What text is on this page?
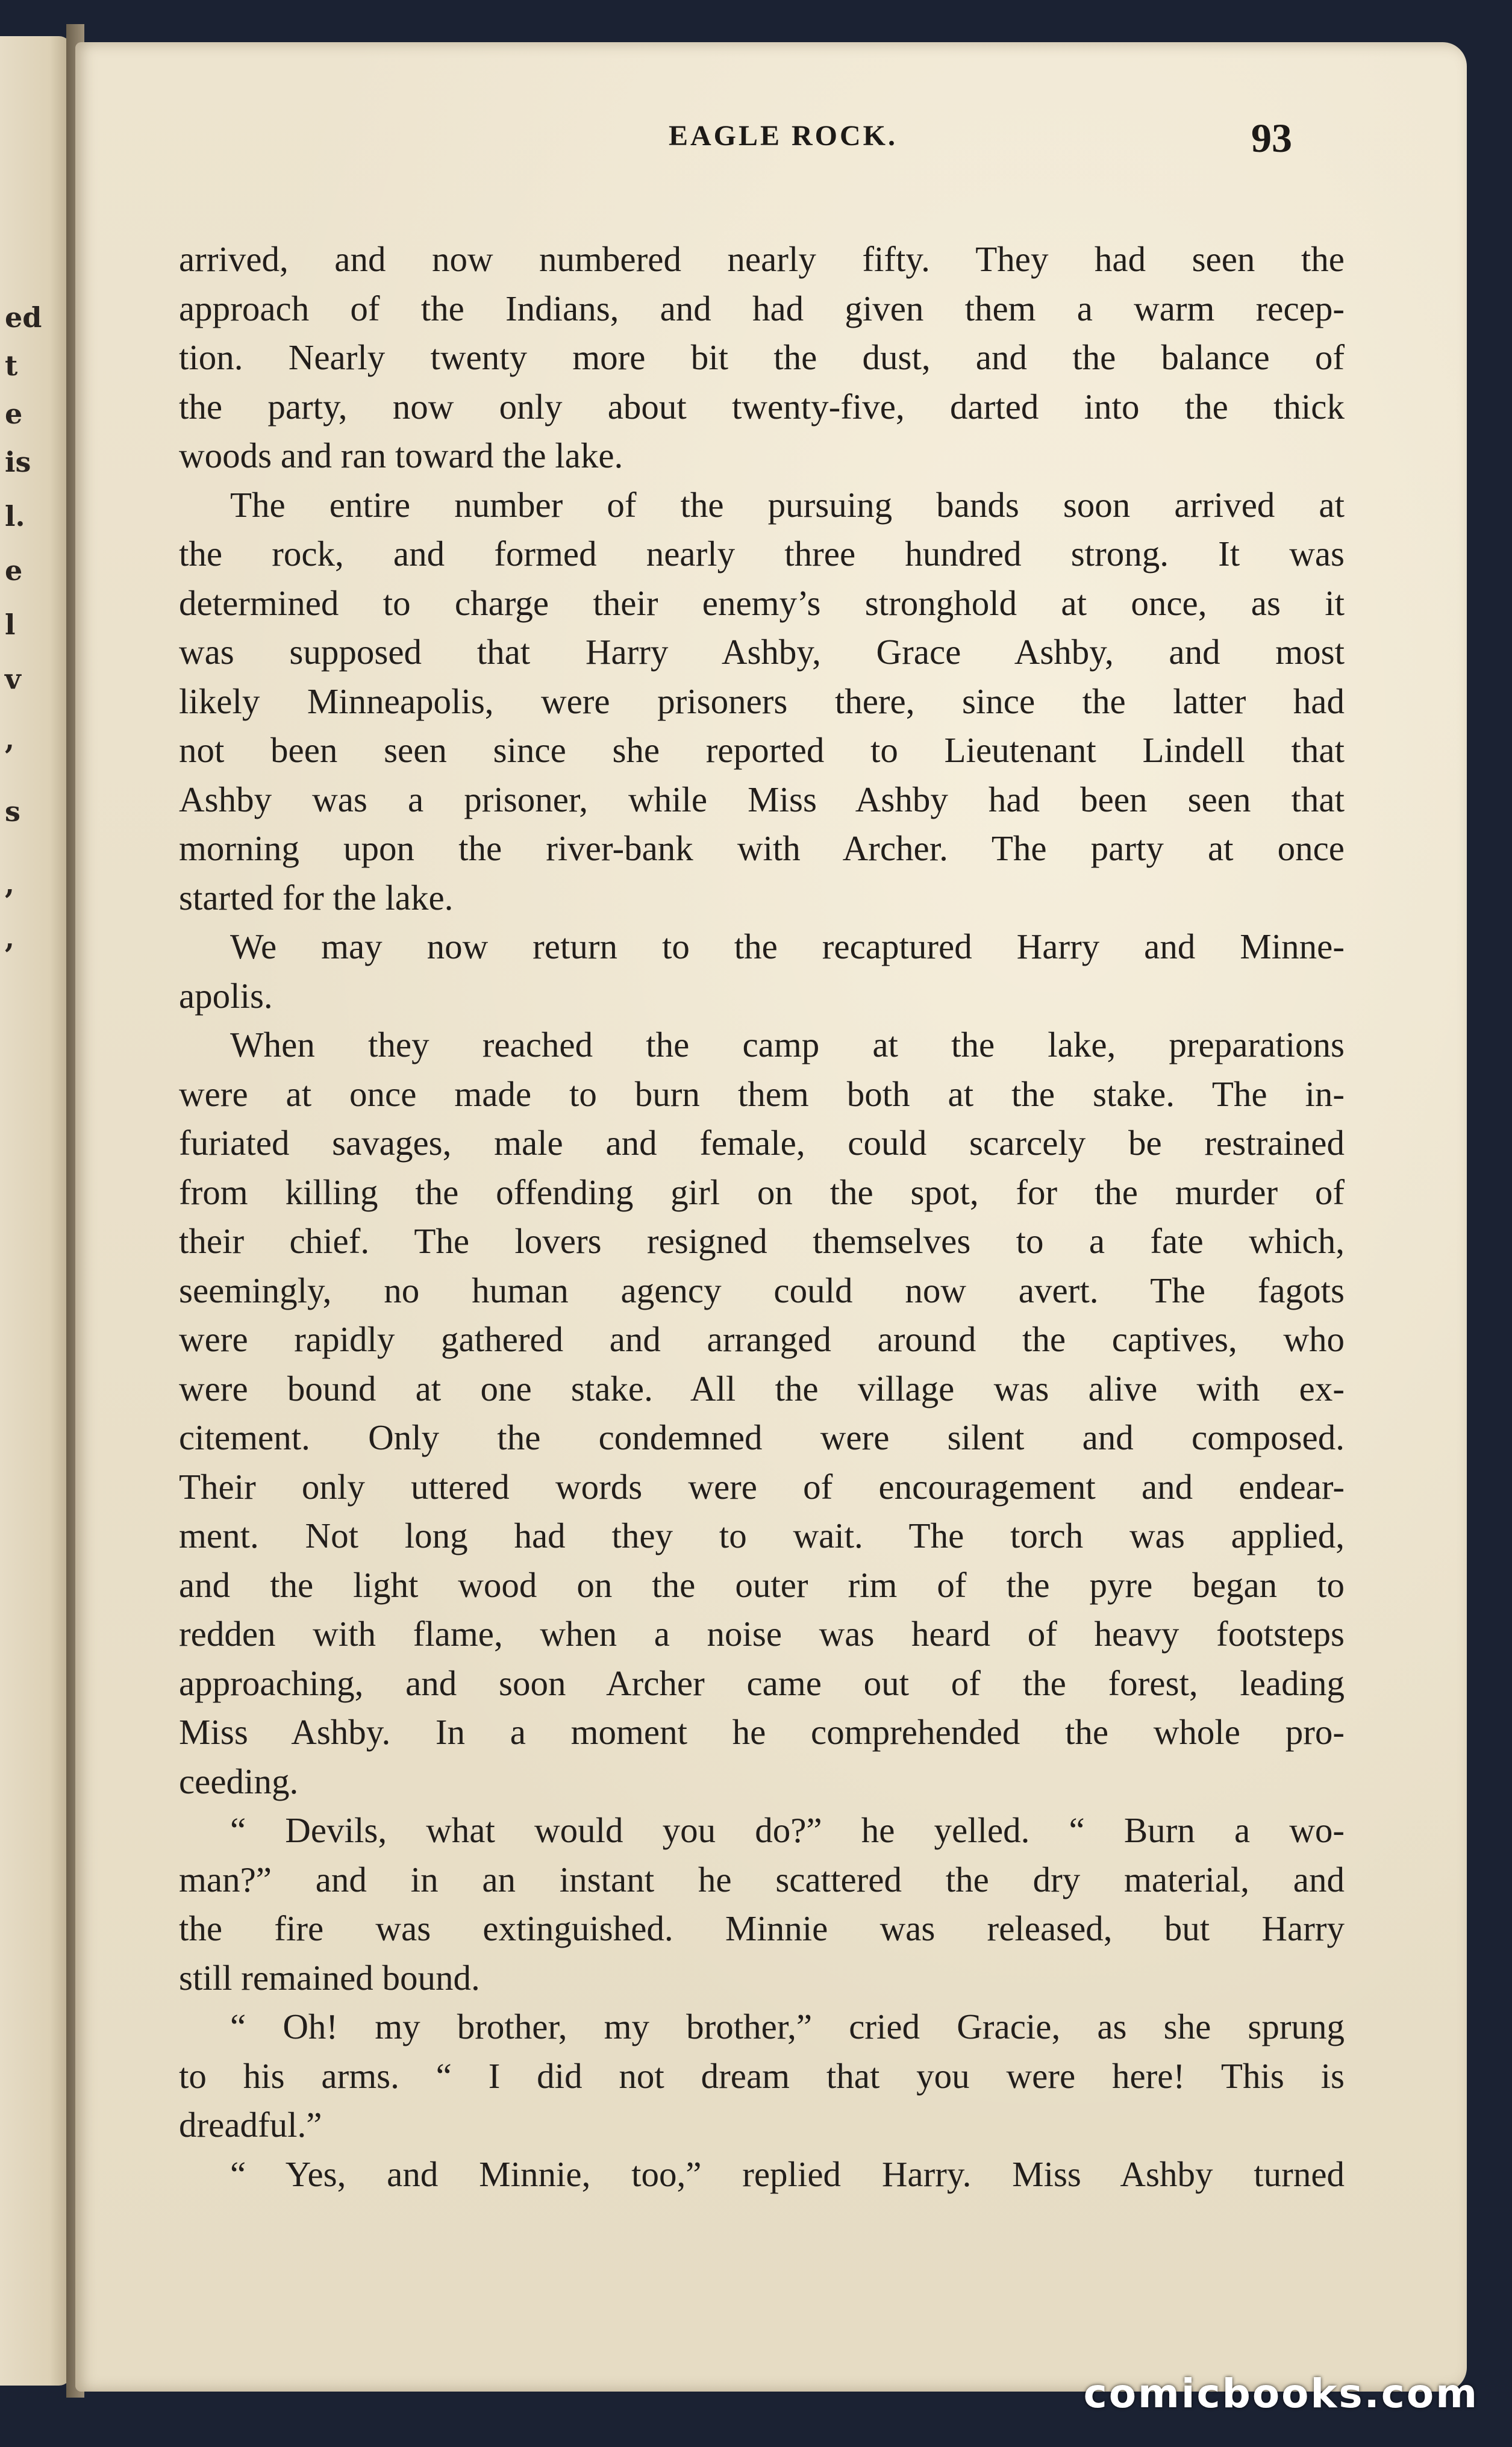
ed
t
e
is
l.
e
l
v
,
s
,
,
EAGLE ROCK.	93
arrived, and now numbered nearly fifty. They had seen the
approach of the Indians, and had given them a warm recep-
tion. Nearly twenty more bit the dust, and the balance of
the party, now only about twenty-five, darted into the thick
woods and ran toward the lake.
The entire number of the pursuing bands soon arrived at
the rock, and formed nearly three hundred strong. It was
determined to charge their enemy’s stronghold at once, as it
was supposed that Harry Ashby, Grace Ashby, and most
likely Minneapolis, were prisoners there, since the latter had
not been seen since she reported to Lieutenant Lindell that
Ashby was a prisoner, while Miss Ashby had been seen that
morning upon the river-bank with Archer. The party at once
started for the lake.
We may now return to the recaptured Harry and Minne-
apolis.
When they reached the camp at the lake, preparations
were at once made to burn them both at the stake. The in-
furiated savages, male and female, could scarcely be restrained
from killing the offending girl on the spot, for the murder of
their chief. The lovers resigned themselves to a fate which,
seemingly, no human agency could now avert. The fagots
were rapidly gathered and arranged around the captives, who
were bound at one stake. All the village was alive with ex-
citement. Only the condemned were silent and composed.
Their only uttered words were of encouragement and endear-
ment. Not long had they to wait. The torch was applied,
and the light wood on the outer rim of the pyre began to
redden with flame, when a noise was heard of heavy footsteps
approaching, and soon Archer came out of the forest, leading
Miss Ashby. In a moment he comprehended the whole pro-
ceeding.
“ Devils, what would you do?” he yelled. “ Burn a wo-
man?” and in an instant he scattered the dry material, and
the fire was extinguished. Minnie was released, but Harry
still remained bound.
“ Oh! my brother, my brother,” cried Gracie, as she sprung
to his arms. “ I did not dream that you were here! This is
dreadful.”
“ Yes, and Minnie, too,” replied Harry. Miss Ashby turned
comicbooks.com
